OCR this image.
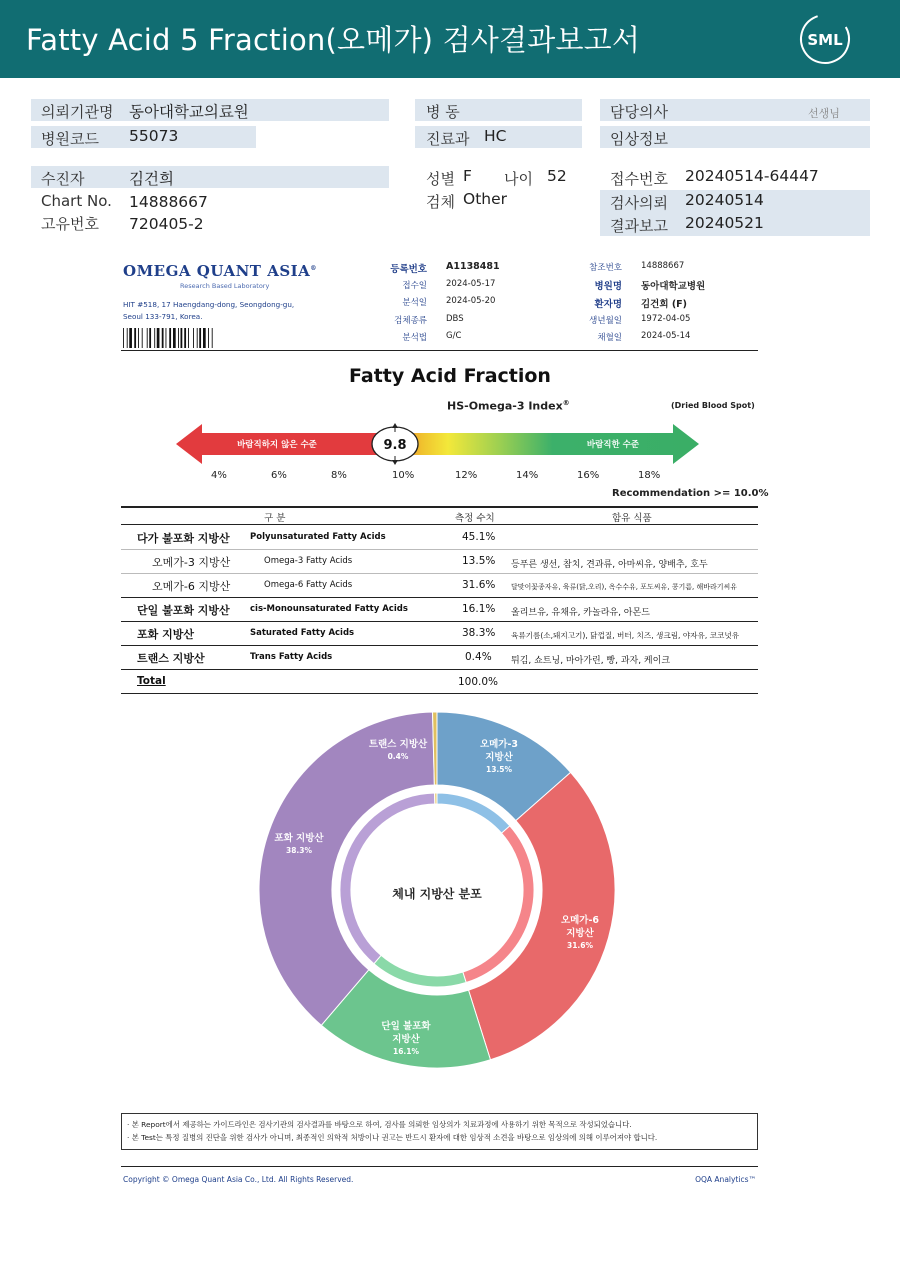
Fatty Acid 5 Fraction(오메가) 검사결과보고서	SML
의뢰기관명 동아대학교의료원
병원코드 55073
병 동
진료과 HC
담당의사	선생님
임상정보
수진자	김건희
Chart No. 14888667
고유번호 720405-2
성별 F 나이 52
검체 Other
접수번호 20240514-64447
검사의뢰 20240514
결과보고 20240521
OMEGA QUANT ASIA®
Research Based Laboratory
HIT #518, 17 Haengdang-dong, Seongdong-gu,
Seoul 133-791, Korea.
등록번호 A1138481
접수일 2024-05-17
분석일 2024-05-20
검체종류 DBS
분석법 G/C
참조번호 14888667
병원명 동아대학교병원
환자명 김건희 (F)
생년월일 1972-04-05
채혈일 2024-05-14
Fatty Acid Fraction
HS-Omega-3 Index®	(Dried Blood Spot)
바람직하지 않은 수준	바람직한 수준
9.8
4%	6%	8%	10%	12%	14%	16%	18%
Recommendation >= 10.0%
구 분	측정 수치	함유 식품
다가 불포화 지방산 Polyunsaturated Fatty Acids	45.1%
오메가-3 지방산	Omega-3 Fatty Acids	13.5% 등푸른 생선, 참치, 견과류, 아마씨유, 양배추, 호두
오메가-6 지방산	Omega-6 Fatty Acids	31.6% 달맞이꽃종자유, 육류(닭,오리), 옥수수유, 포도씨유, 콩기름, 해바라기씨유
단일 불포화 지방산 cis-Monounsaturated Fatty Acids	16.1% 올리브유, 유채유, 카놀라유, 아몬드
포화 지방산	Saturated Fatty Acids	38.3% 육류기름(소,돼지고기), 닭껍질, 버터, 치즈, 생크림, 야자유, 코코넛유
트랜스 지방산	Trans Fatty Acids	0.4% 튀김, 쇼트닝, 마아가린, 빵, 과자, 케이크
Total	100.0%
오메가-3
지방산
13.5%
오메가-6
지방산
31.6%
단일 불포화
지방산
16.1%
포화 지방산
38.3%
트랜스 지방산
0.4%
체내 지방산 분포
· 본 Report에서 제공하는 가이드라인은 검사기관의 검사결과를 바탕으로 하여, 검사를 의뢰한 임상의가 치료과정에 사용하기 위한 목적으로 작성되었습니다.
· 본 Test는 특정 질병의 진단을 위한 검사가 아니며, 최종적인 의학적 처방이나 권고는 반드시 환자에 대한 임상적 소견을 바탕으로 임상의에 의해 이루어져야 합니다.
Copyright © Omega Quant Asia Co., Ltd. All Rights Reserved.	OQA Analytics™
